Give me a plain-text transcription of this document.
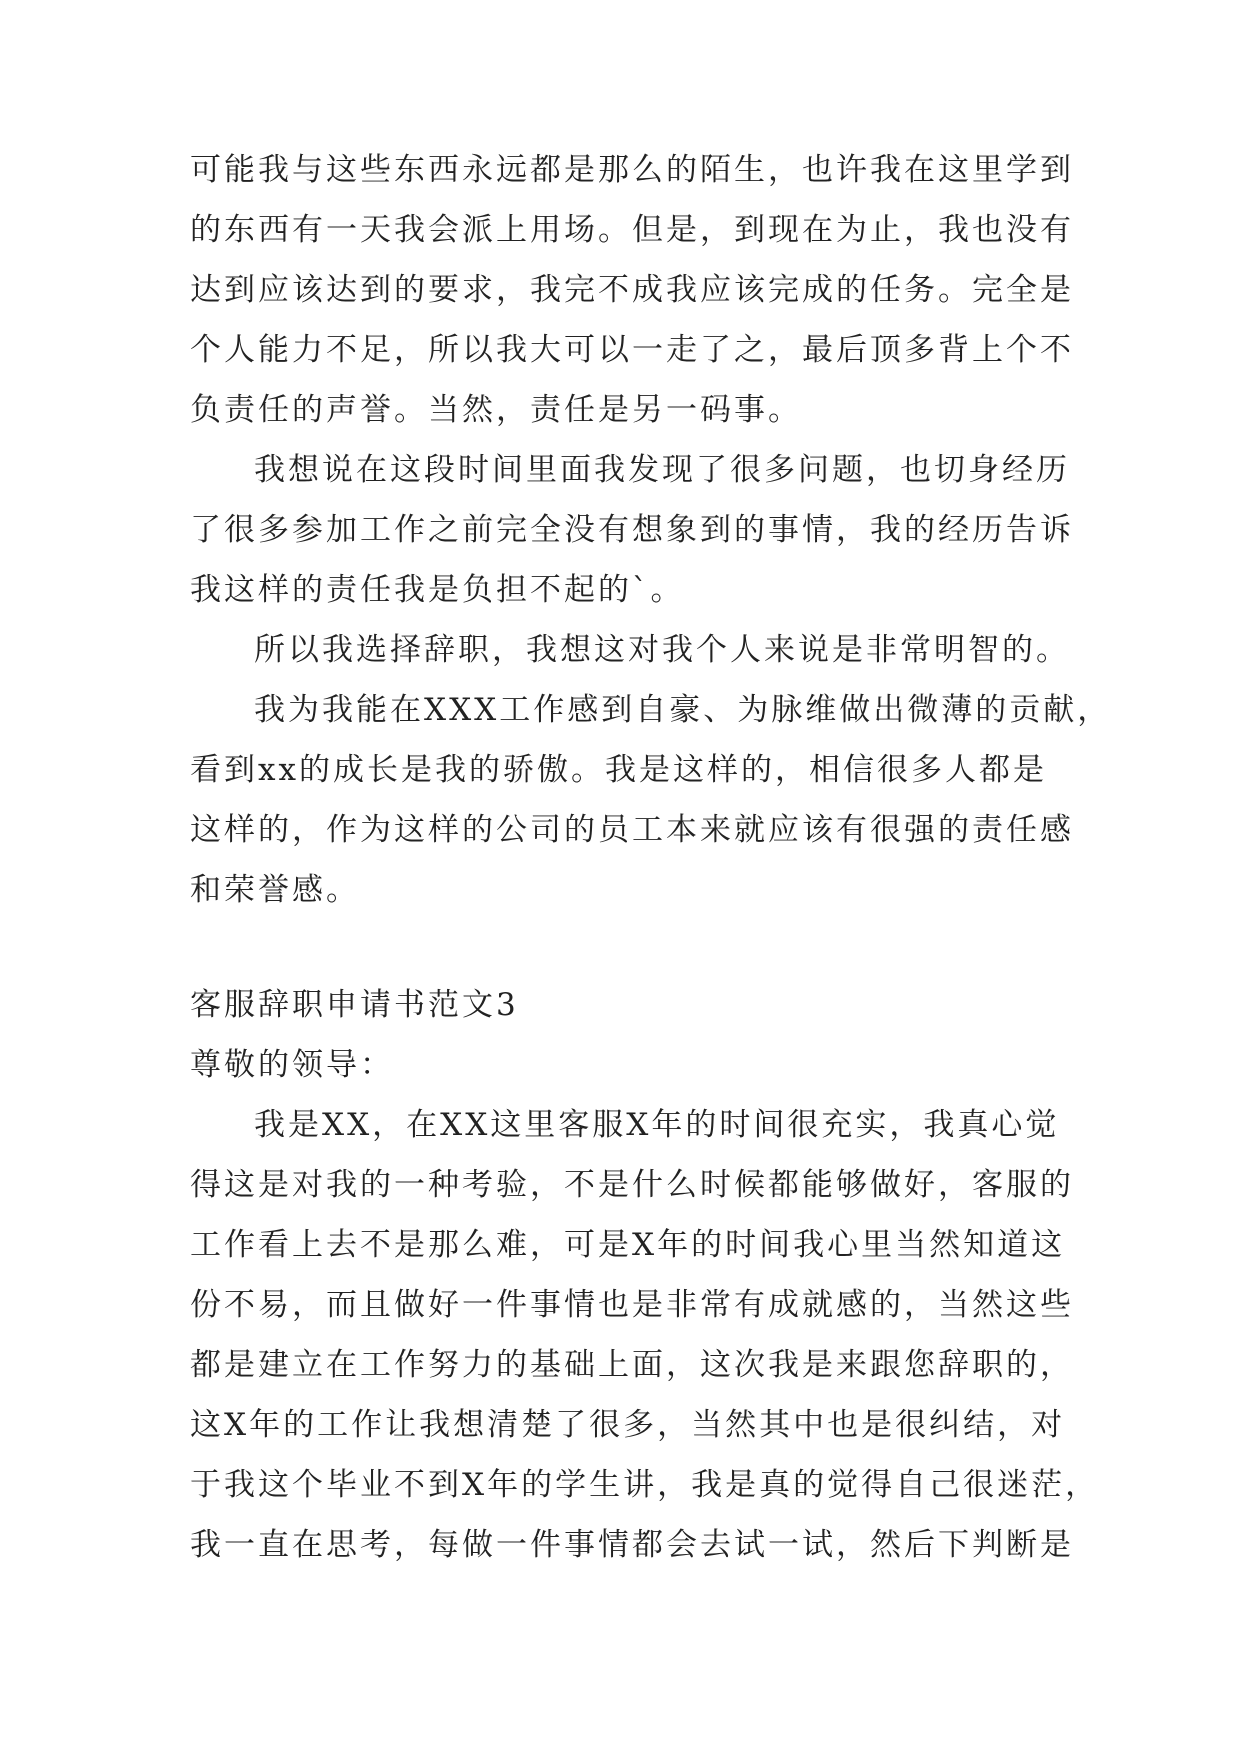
可能我与这些东西永远都是那么的陌生，也许我在这里学到
的东西有一天我会派上用场。但是，到现在为止，我也没有
达到应该达到的要求，我完不成我应该完成的任务。完全是
个人能力不足，所以我大可以一走了之，最后顶多背上个不
负责任的声誉。当然，责任是另一码事。
我想说在这段时间里面我发现了很多问题，也切身经历
了很多参加工作之前完全没有想象到的事情，我的经历告诉
我这样的责任我是负担不起的`。
所以我选择辞职，我想这对我个人来说是非常明智的。
我为我能在XXX工作感到自豪、为脉维做出微薄的贡献，
看到xx的成长是我的骄傲。我是这样的，相信很多人都是
这样的，作为这样的公司的员工本来就应该有很强的责任感
和荣誉感。
客服辞职申请书范文3
尊敬的领导：
我是XX，在XX这里客服X年的时间很充实，我真心觉
得这是对我的一种考验，不是什么时候都能够做好，客服的
工作看上去不是那么难，可是X年的时间我心里当然知道这
份不易，而且做好一件事情也是非常有成就感的，当然这些
都是建立在工作努力的基础上面，这次我是来跟您辞职的，
这X年的工作让我想清楚了很多，当然其中也是很纠结，对
于我这个毕业不到X年的学生讲，我是真的觉得自己很迷茫，
我一直在思考，每做一件事情都会去试一试，然后下判断是
